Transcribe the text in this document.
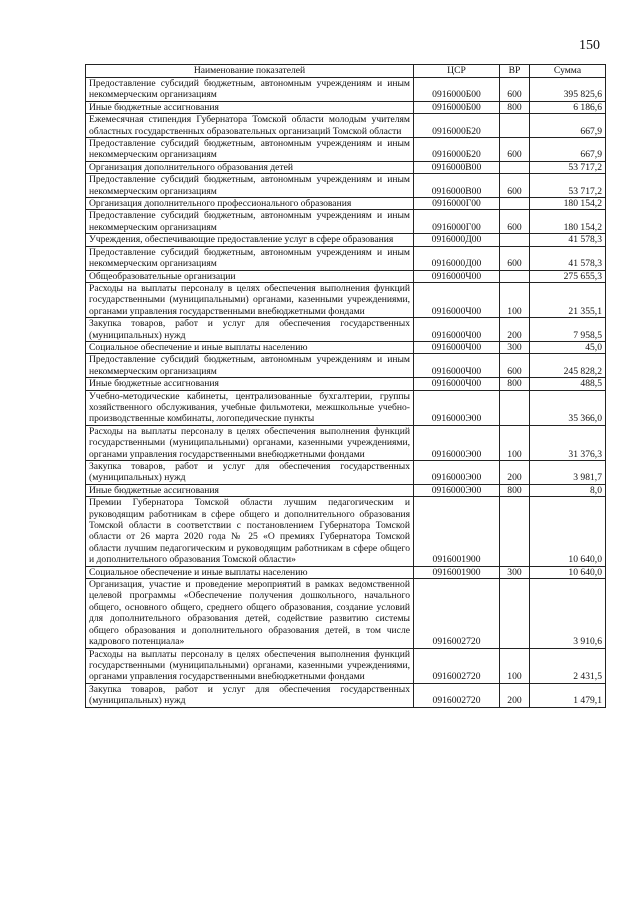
150
Наименование показателей	ЦСР	ВР	Сумма
Предоставление субсидий бюджетным, автономным учреждениям и иным некоммерческим организациям	0916000Б00	600	395 825,6
Иные бюджетные ассигнования	0916000Б00	800	6 186,6
Ежемесячная стипендия Губернатора Томской области молодым учителям областных государственных образовательных организаций Томской области	0916000Б20		667,9
Предоставление субсидий бюджетным, автономным учреждениям и иным некоммерческим организациям	0916000Б20	600	667,9
Организация дополнительного образования детей	0916000В00		53 717,2
Предоставление субсидий бюджетным, автономным учреждениям и иным некоммерческим организациям	0916000В00	600	53 717,2
Организация дополнительного профессионального образования	0916000Г00		180 154,2
Предоставление субсидий бюджетным, автономным учреждениям и иным некоммерческим организациям	0916000Г00	600	180 154,2
Учреждения, обеспечивающие предоставление услуг в сфере образования	0916000Д00		41 578,3
Предоставление субсидий бюджетным, автономным учреждениям и иным некоммерческим организациям	0916000Д00	600	41 578,3
Общеобразовательные организации	0916000Ч00		275 655,3
Расходы на выплаты персоналу в целях обеспечения выполнения функций государственными (муниципальными) органами, казенными учреждениями, органами управления государственными внебюджетными фондами	0916000Ч00	100	21 355,1
Закупка товаров, работ и услуг для обеспечения государственных (муниципальных) нужд	0916000Ч00	200	7 958,5
Социальное обеспечение и иные выплаты населению	0916000Ч00	300	45,0
Предоставление субсидий бюджетным, автономным учреждениям и иным некоммерческим организациям	0916000Ч00	600	245 828,2
Иные бюджетные ассигнования	0916000Ч00	800	488,5
Учебно-методические кабинеты, централизованные бухгалтерии, группы хозяйственного обслуживания, учебные фильмотеки, межшкольные учебно-производственные комбинаты, логопедические пункты	0916000Э00		35 366,0
Расходы на выплаты персоналу в целях обеспечения выполнения функций государственными (муниципальными) органами, казенными учреждениями, органами управления государственными внебюджетными фондами	0916000Э00	100	31 376,3
Закупка товаров, работ и услуг для обеспечения государственных (муниципальных) нужд	0916000Э00	200	3 981,7
Иные бюджетные ассигнования	0916000Э00	800	8,0
Премии Губернатора Томской области лучшим педагогическим и руководящим работникам в сфере общего и дополнительного образования Томской области в соответствии с постановлением Губернатора Томской области от 26 марта 2020 года № 25 «О премиях Губернатора Томской области лучшим педагогическим и руководящим работникам в сфере общего и дополнительного образования Томской области»	0916001900		10 640,0
Социальное обеспечение и иные выплаты населению	0916001900	300	10 640,0
Организация, участие и проведение мероприятий в рамках ведомственной целевой программы «Обеспечение получения дошкольного, начального общего, основного общего, среднего общего образования, создание условий для дополнительного образования детей, содействие развитию системы общего образования и дополнительного образования детей, в том числе кадрового потенциала»	0916002720		3 910,6
Расходы на выплаты персоналу в целях обеспечения выполнения функций государственными (муниципальными) органами, казенными учреждениями, органами управления государственными внебюджетными фондами	0916002720	100	2 431,5
Закупка товаров, работ и услуг для обеспечения государственных (муниципальных) нужд	0916002720	200	1 479,1
